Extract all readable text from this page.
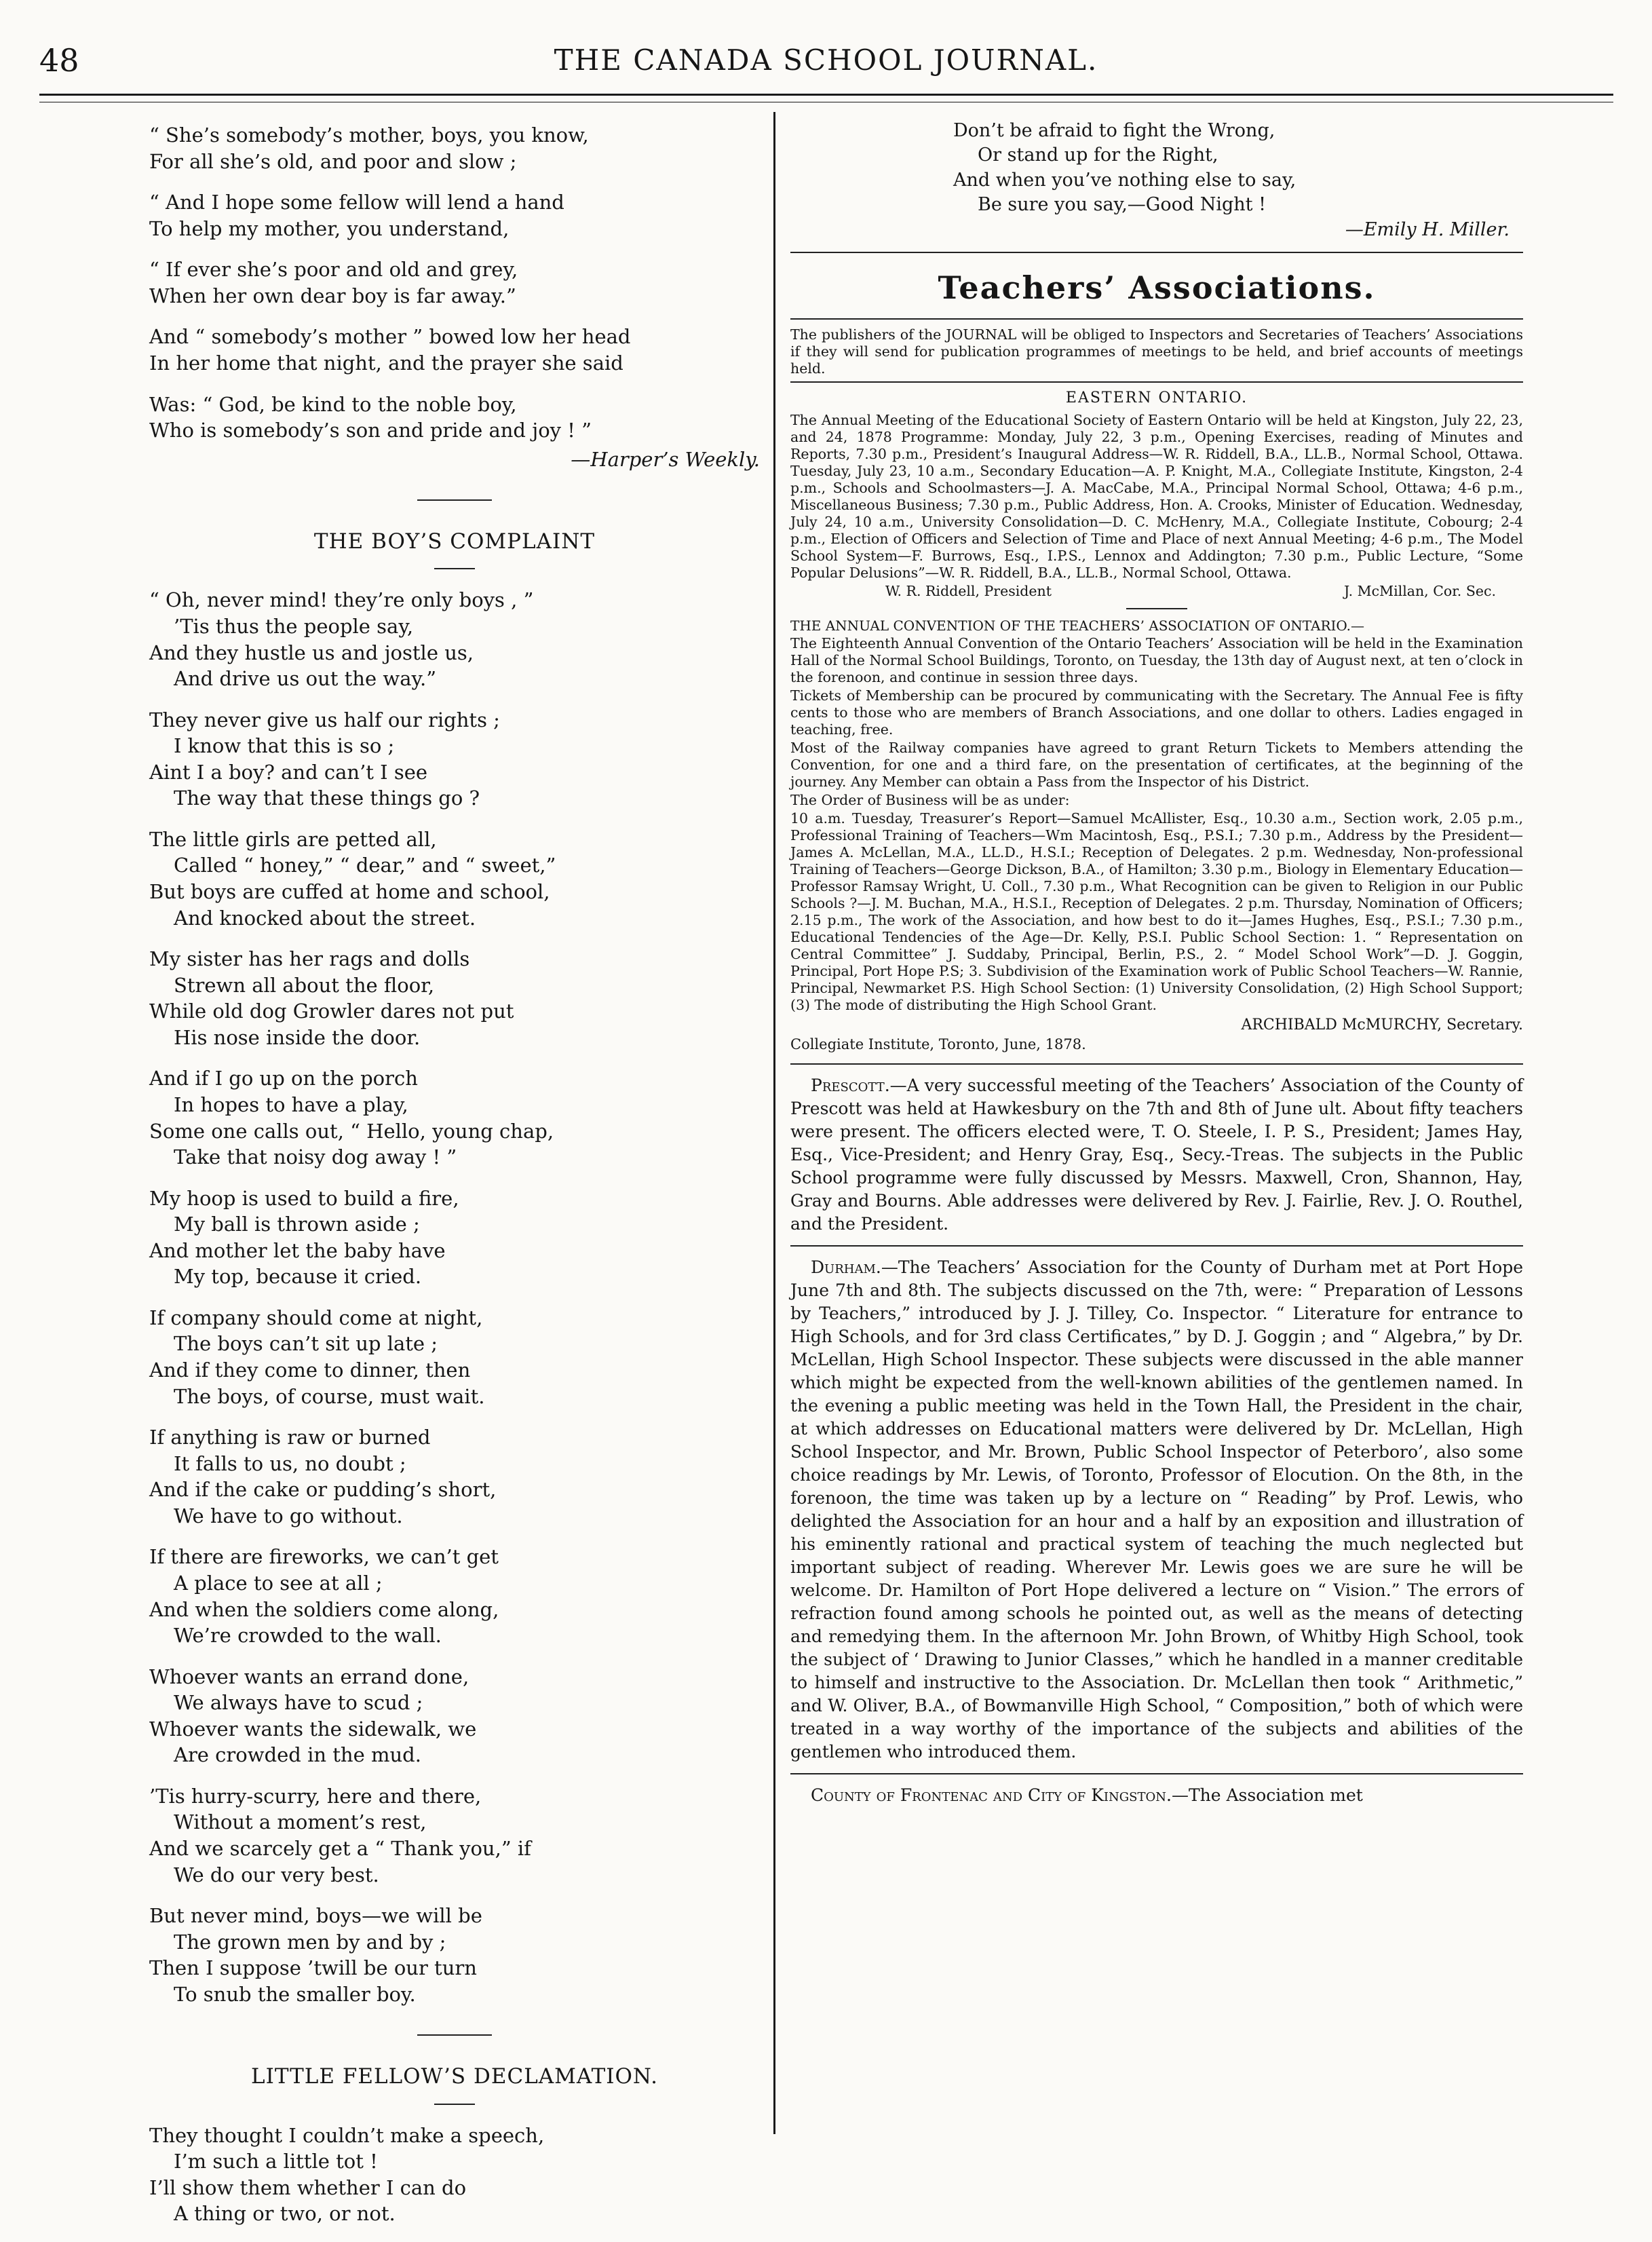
48	THE CANADA SCHOOL JOURNAL.

“ She’s somebody’s mother, boys, you know,

For all she’s old, and poor and slow ;

“ And I hope some fellow will lend a hand

To help my mother, you understand,

“ If ever she’s poor and old and grey,

When her own dear boy is far away.”

And “ somebody’s mother ” bowed low her head

In her home that night, and the prayer she said

Was: “ God, be kind to the noble boy,

Who is somebody’s son and pride and joy ! ”

—Harper’s Weekly.

THE BOY’S COMPLAINT

“ Oh, never mind! they’re only boys , ”

’Tis thus the people say,

And they hustle us and jostle us,

And drive us out the way.”

They never give us half our rights ;

I know that this is so ;

Aint I a boy? and can’t I see

The way that these things go ?

The little girls are petted all,

Called “ honey,” “ dear,” and “ sweet,”

But boys are cuffed at home and school,

And knocked about the street.

My sister has her rags and dolls

Strewn all about the floor,

While old dog Growler dares not put

His nose inside the door.

And if I go up on the porch

In hopes to have a play,

Some one calls out, “ Hello, young chap,

Take that noisy dog away ! ”

My hoop is used to build a fire,

My ball is thrown aside ;

And mother let the baby have

My top, because it cried.

If company should come at night,

The boys can’t sit up late ;

And if they come to dinner, then

The boys, of course, must wait.

If anything is raw or burned

It falls to us, no doubt ;

And if the cake or pudding’s short,

We have to go without.

If there are fireworks, we can’t get

A place to see at all ;

And when the soldiers come along,

We’re crowded to the wall.

Whoever wants an errand done,

We always have to scud ;

Whoever wants the sidewalk, we

Are crowded in the mud.

’Tis hurry-scurry, here and there,

Without a moment’s rest,

And we scarcely get a “ Thank you,” if

We do our very best.

But never mind, boys—we will be

The grown men by and by ;

Then I suppose ’twill be our turn

To snub the smaller boy.

LITTLE FELLOW’S DECLAMATION.

They thought I couldn’t make a speech,

I’m such a little tot !

I’ll show them whether I can do

A thing or two, or not.

Don’t be afraid to fight the Wrong,

Or stand up for the Right,

And when you’ve nothing else to say,

Be sure you say,—Good Night !

—Emily H. Miller.

Teachers’ Associations.

The publishers of the JOURNAL will be obliged to Inspectors and Secretaries of Teachers’ Associations if they will send for publication programmes of meetings to be held, and brief accounts of meetings held.

EASTERN ONTARIO.

The Annual Meeting of the Educational Society of Eastern Ontario will be held at Kingston, July 22, 23, and 24, 1878 Programme: Monday, July 22, 3 p.m., Opening Exercises, reading of Minutes and Reports, 7.30 p.m., President’s Inaugural Address—W. R. Riddell, B.A., LL.B., Normal School, Ottawa. Tuesday, July 23, 10 a.m., Secondary Education—A. P. Knight, M.A., Collegiate Institute, Kingston, 2-4 p.m., Schools and Schoolmasters—J. A. MacCabe, M.A., Principal Normal School, Ottawa; 4-6 p.m., Miscellaneous Business; 7.30 p.m., Public Address, Hon. A. Crooks, Minister of Education. Wednesday, July 24, 10 a.m., University Consolidation—D. C. McHenry, M.A., Collegiate Institute, Cobourg; 2-4 p.m., Election of Officers and Selection of Time and Place of next Annual Meeting; 4-6 p.m., The Model School System—F. Burrows, Esq., I.P.S., Lennox and Addington; 7.30 p.m., Public Lecture, “Some Popular Delusions”—W. R. Riddell, B.A., LL.B., Normal School, Ottawa.

W. R. Riddell, President	J. McMillan, Cor. Sec.

THE ANNUAL CONVENTION OF THE TEACHERS’ ASSOCIATION OF ONTARIO.—

The Eighteenth Annual Convention of the Ontario Teachers’ Association will be held in the Examination Hall of the Normal School Buildings, Toronto, on Tuesday, the 13th day of August next, at ten o’clock in the forenoon, and continue in session three days.

Tickets of Membership can be procured by communicating with the Secretary. The Annual Fee is fifty cents to those who are members of Branch Associations, and one dollar to others. Ladies engaged in teaching, free.

Most of the Railway companies have agreed to grant Return Tickets to Members attending the Convention, for one and a third fare, on the presentation of certificates, at the beginning of the journey. Any Member can obtain a Pass from the Inspector of his District.

The Order of Business will be as under:

10 a.m. Tuesday, Treasurer’s Report—Samuel McAllister, Esq., 10.30 a.m., Section work, 2.05 p.m., Professional Training of Teachers—Wm Macintosh, Esq., P.S.I.; 7.30 p.m., Address by the President—James A. McLellan, M.A., LL.D., H.S.I.; Reception of Delegates. 2 p.m. Wednesday, Non-professional Training of Teachers—George Dickson, B.A., of Hamilton; 3.30 p.m., Biology in Elementary Education—Professor Ramsay Wright, U. Coll., 7.30 p.m., What Recognition can be given to Religion in our Public Schools ?—J. M. Buchan, M.A., H.S.I., Reception of Delegates. 2 p.m. Thursday, Nomination of Officers; 2.15 p.m., The work of the Association, and how best to do it—James Hughes, Esq., P.S.I.; 7.30 p.m., Educational Tendencies of the Age—Dr. Kelly, P.S.I. Public School Section: 1. “ Representation on Central Committee” J. Suddaby, Principal, Berlin, P.S., 2. “ Model School Work”—D. J. Goggin, Principal, Port Hope P.S; 3. Subdivision of the Examination work of Public School Teachers—W. Rannie, Principal, Newmarket P.S. High School Section: (1) University Consolidation, (2) High School Support; (3) The mode of distributing the High School Grant.

ARCHIBALD McMURCHY, Secretary.

Collegiate Institute, Toronto, June, 1878.

Prescott.—A very successful meeting of the Teachers’ Association of the County of Prescott was held at Hawkesbury on the 7th and 8th of June ult. About fifty teachers were present. The officers elected were, T. O. Steele, I. P. S., President; James Hay, Esq., Vice-President; and Henry Gray, Esq., Secy.-Treas. The subjects in the Public School programme were fully discussed by Messrs. Maxwell, Cron, Shannon, Hay, Gray and Bourns. Able addresses were delivered by Rev. J. Fairlie, Rev. J. O. Routhel, and the President.

Durham.—The Teachers’ Association for the County of Durham met at Port Hope June 7th and 8th. The subjects discussed on the 7th, were: “ Preparation of Lessons by Teachers,” introduced by J. J. Tilley, Co. Inspector. “ Literature for entrance to High Schools, and for 3rd class Certificates,” by D. J. Goggin ; and “ Algebra,” by Dr. McLellan, High School Inspector. These subjects were discussed in the able manner which might be expected from the well-known abilities of the gentlemen named. In the evening a public meeting was held in the Town Hall, the President in the chair, at which addresses on Educational matters were delivered by Dr. McLellan, High School Inspector, and Mr. Brown, Public School Inspector of Peterboro’, also some choice readings by Mr. Lewis, of Toronto, Professor of Elocution. On the 8th, in the forenoon, the time was taken up by a lecture on “ Reading” by Prof. Lewis, who delighted the Association for an hour and a half by an exposition and illustration of his eminently rational and practical system of teaching the much neglected but important subject of reading. Wherever Mr. Lewis goes we are sure he will be welcome. Dr. Hamilton of Port Hope delivered a lecture on “ Vision.” The errors of refraction found among schools he pointed out, as well as the means of detecting and remedying them. In the afternoon Mr. John Brown, of Whitby High School, took the subject of ‘ Drawing to Junior Classes,” which he handled in a manner creditable to himself and instructive to the Association. Dr. McLellan then took “ Arithmetic,” and W. Oliver, B.A., of Bowmanville High School, “ Composition,” both of which were treated in a way worthy of the importance of the subjects and abilities of the gentlemen who introduced them.

County of Frontenac and City of Kingston.—The Association met
